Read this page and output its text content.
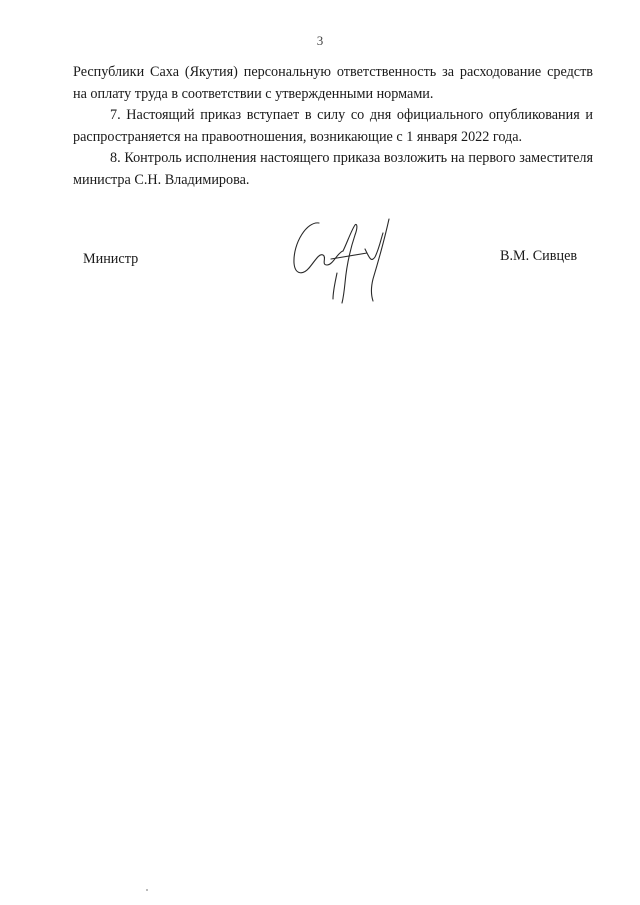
3

Республики Саха (Якутия) персональную ответственность за расходование средств на оплату труда в соответствии с утвержденными нормами.

7. Настоящий приказ вступает в силу со дня официального опубликования и распространяется на правоотношения, возникающие с 1 января 2022 года.

8. Контроль исполнения настоящего приказа возложить на первого заместителя министра С.Н. Владимирова.

Министр	В.М. Сивцев
